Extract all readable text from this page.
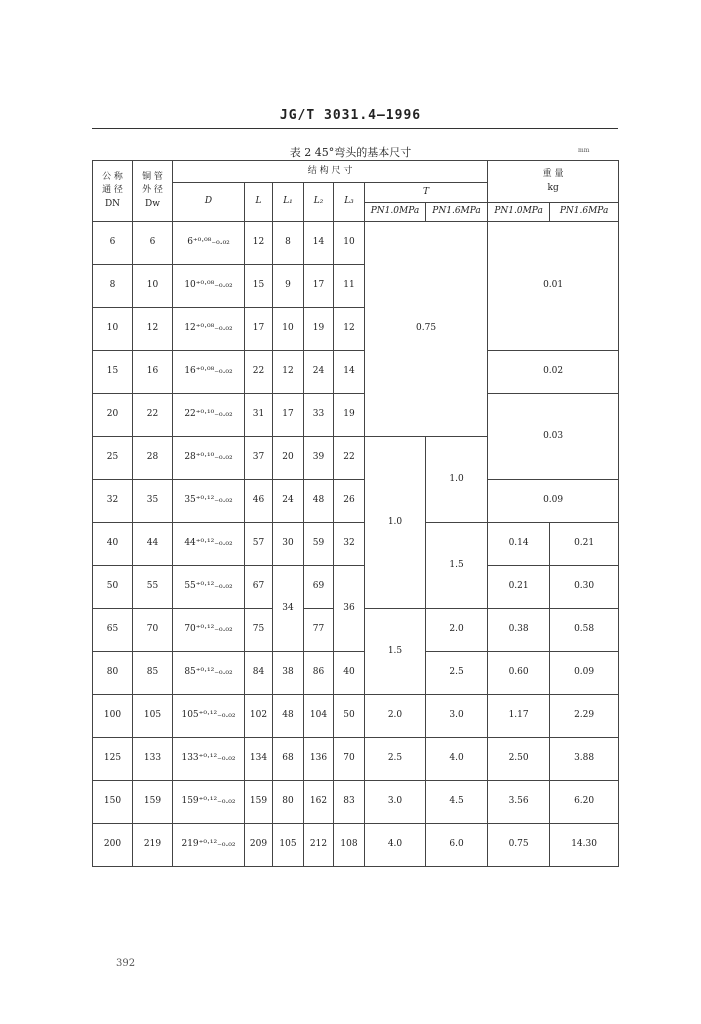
JG/T 3031.4—1996
表 2 45°弯头的基本尺寸	mm
公 称
通 径
DN	铜 管
外 径
Dw	结 构 尺 寸							重 量
kg	

		D	L	L₁	L₂	L₃	T			
							PN1.0MPa	PN1.6MPa	PN1.0MPa	PN1.6MPa
6	6	6⁺⁰·⁰⁸₋₀.₀₂	12	8	14	10	0.75		0.01	
8	10	10⁺⁰·⁰⁸₋₀.₀₂	15	9	17	11				
10	12	12⁺⁰·⁰⁸₋₀.₀₂	17	10	19	12				
15	16	16⁺⁰·⁰⁸₋₀.₀₂	22	12	24	14			0.02	
20	22	22⁺⁰·¹⁰₋₀.₀₂	31	17	33	19			0.03	
25	28	28⁺⁰·¹⁰₋₀.₀₂	37	20	39	22	1.0	1.0		
32	35	35⁺⁰·¹²₋₀.₀₂	46	24	48	26			0.09	
40	44	44⁺⁰·¹²₋₀.₀₂	57	30	59	32		1.5	0.14	0.21
50	55	55⁺⁰·¹²₋₀.₀₂	67	34	69	36			0.21	0.30
65	70	70⁺⁰·¹²₋₀.₀₂	75		77		1.5	2.0	0.38	0.58
80	85	85⁺⁰·¹²₋₀.₀₂	84	38	86	40		2.5	0.60	0.09
100	105	105⁺⁰·¹²₋₀.₀₂	102	48	104	50	2.0	3.0	1.17	2.29
125	133	133⁺⁰·¹²₋₀.₀₂	134	68	136	70	2.5	4.0	2.50	3.88
150	159	159⁺⁰·¹²₋₀.₀₂	159	80	162	83	3.0	4.5	3.56	6.20
200	219	219⁺⁰·¹²₋₀.₀₂	209	105	212	108	4.0	6.0	0.75	14.30
392
